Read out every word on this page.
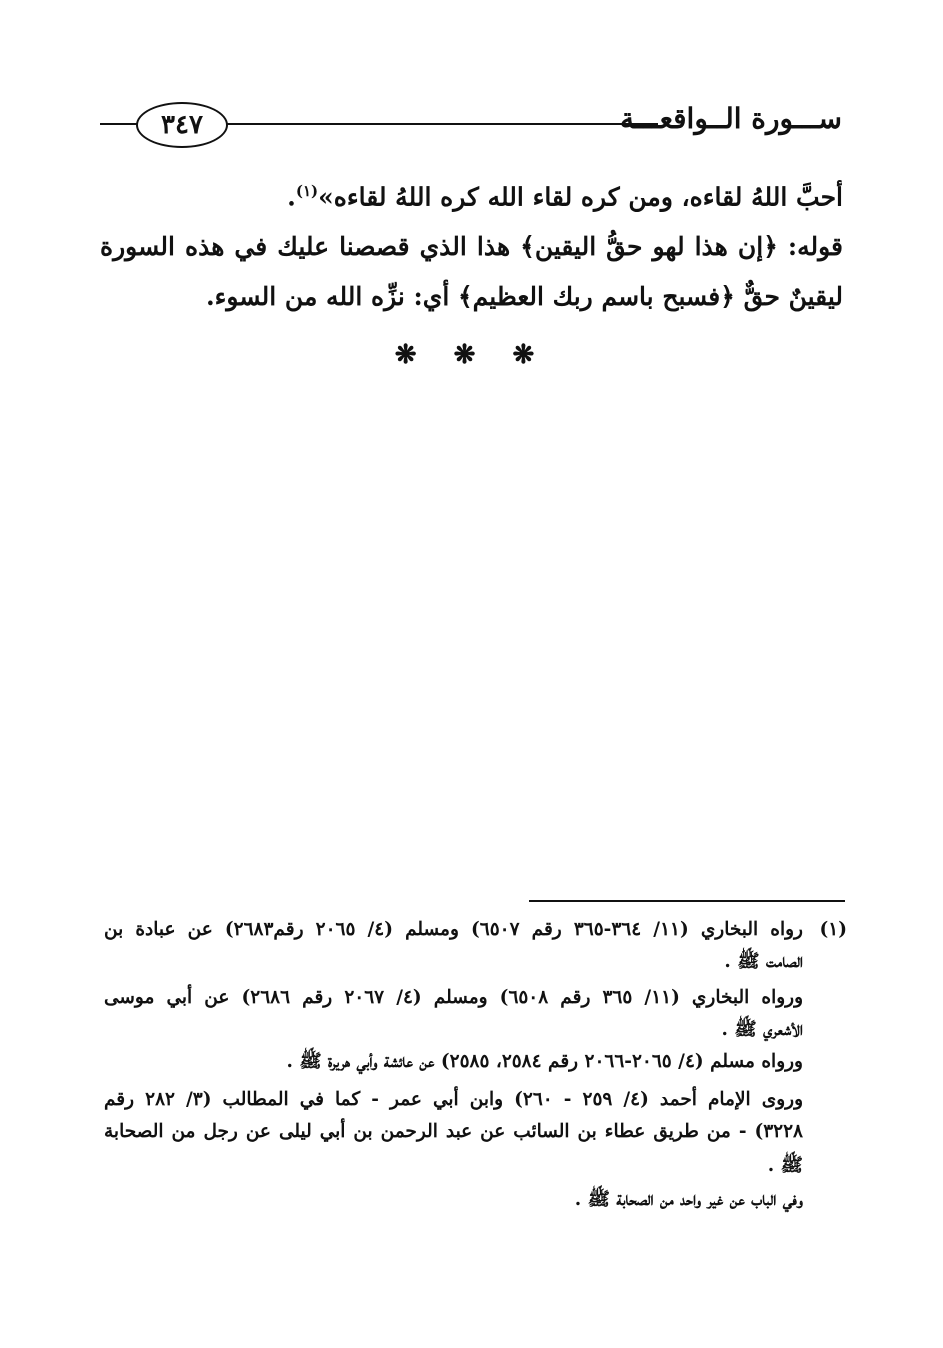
٣٤٧	ســـورة الــواقعـــة
أحبَّ اللهُ لقاءه، ومن كره لقاء الله كره اللهُ لقاءه»$^{(١)}$.
قوله: ﴿إن هذا لهو حقُّ اليقين﴾ هذا الذي قصصنا عليك في هذه السورة
ليقينٌ حقٌّ ﴿فسبح باسم ربك العظيم﴾ أي: نزِّه الله من السوء.
❋ ❋ ❋
(١)
رواه البخاري (١١/ ٣٦٤-٣٦٥ رقم ٦٥٠٧) ومسلم (٤/ ٢٠٦٥ رقم٢٦٨٣) عن عبادة بن
الصامت ﷺ .
ورواه البخاري (١١/ ٣٦٥ رقم ٦٥٠٨) ومسلم (٤/ ٢٠٦٧ رقم ٢٦٨٦) عن أبي موسى
الأشعري ﷺ .
ورواه مسلم (٤/ ٢٠٦٥-٢٠٦٦ رقم ٢٥٨٤، ٢٥٨٥) عن عائشة وأبي هريرة ﷺ .
وروى الإمام أحمد (٤/ ٢٥٩ - ٢٦٠) وابن أبي عمر - كما في المطالب (٣/ ٢٨٢ رقم
٣٢٢٨) - من طريق عطاء بن السائب عن عبد الرحمن بن أبي ليلى عن رجل من الصحابة
ﷺ .
وفي الباب عن غير واحد من الصحابة ﷺ .
